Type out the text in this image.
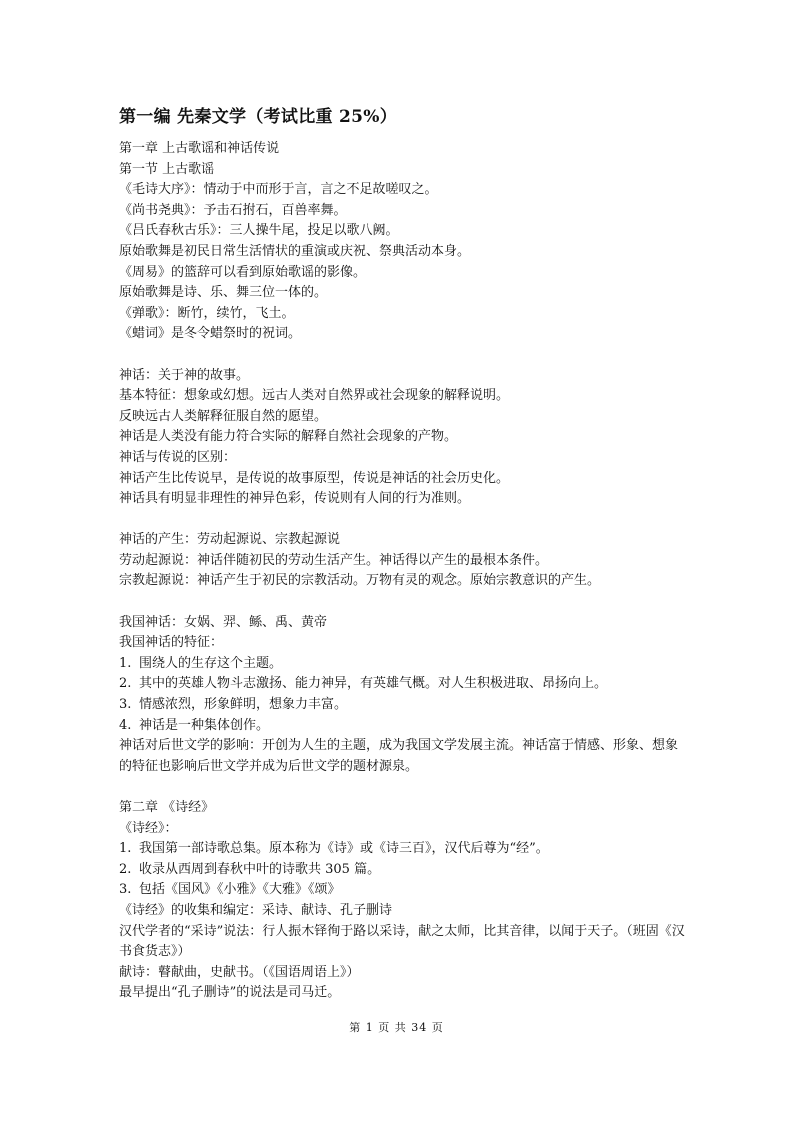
第一编 先秦文学（考试比重 25%）
第一章 上古歌谣和神话传说
第一节 上古歌谣
《毛诗大序》：情动于中而形于言，言之不足故嗟叹之。
《尚书尧典》：予击石拊石，百兽率舞。
《吕氏春秋古乐》：三人操牛尾，投足以歌八阙。
原始歌舞是初民日常生活情状的重演或庆祝、祭典活动本身。
《周易》的篮辞可以看到原始歌谣的影像。
原始歌舞是诗、乐、舞三位一体的。
《弹歌》：断竹，续竹，飞土。
《蜡词》是冬令蜡祭时的祝词。
神话：关于神的故事。
基本特征：想象或幻想。远古人类对自然界或社会现象的解释说明。
反映远古人类解释征服自然的愿望。
神话是人类没有能力符合实际的解释自然社会现象的产物。
神话与传说的区别：
神话产生比传说早，是传说的故事原型，传说是神话的社会历史化。
神话具有明显非理性的神异色彩，传说则有人间的行为准则。
神话的产生：劳动起源说、宗教起源说
劳动起源说：神话伴随初民的劳动生活产生。神话得以产生的最根本条件。
宗教起源说：神话产生于初民的宗教活动。万物有灵的观念。原始宗教意识的产生。
我国神话：女娲、羿、鲧、禹、黄帝
我国神话的特征：
1. 围绕人的生存这个主题。
2. 其中的英雄人物斗志激扬、能力神异，有英雄气概。对人生积极进取、昂扬向上。
3. 情感浓烈，形象鲜明，想象力丰富。
4. 神话是一种集体创作。
神话对后世文学的影响：开创为人生的主题，成为我国文学发展主流。神话富于情感、形象、想象的特征也影响后世文学并成为后世文学的题材源泉。
第二章 《诗经》
《诗经》：
1. 我国第一部诗歌总集。原本称为《诗》或《诗三百》，汉代后尊为“经”。
2. 收录从西周到春秋中叶的诗歌共 305 篇。
3. 包括《国风》《小雅》《大雅》《颂》
《诗经》的收集和编定：采诗、献诗、孔子删诗
汉代学者的“采诗”说法：行人振木铎徇于路以采诗，献之太师，比其音律，以闻于天子。（班固《汉书食货志》）
献诗：瞽献曲，史献书。（《国语周语上》）
最早提出“孔子删诗”的说法是司马迁。
第 1 页 共 34 页
